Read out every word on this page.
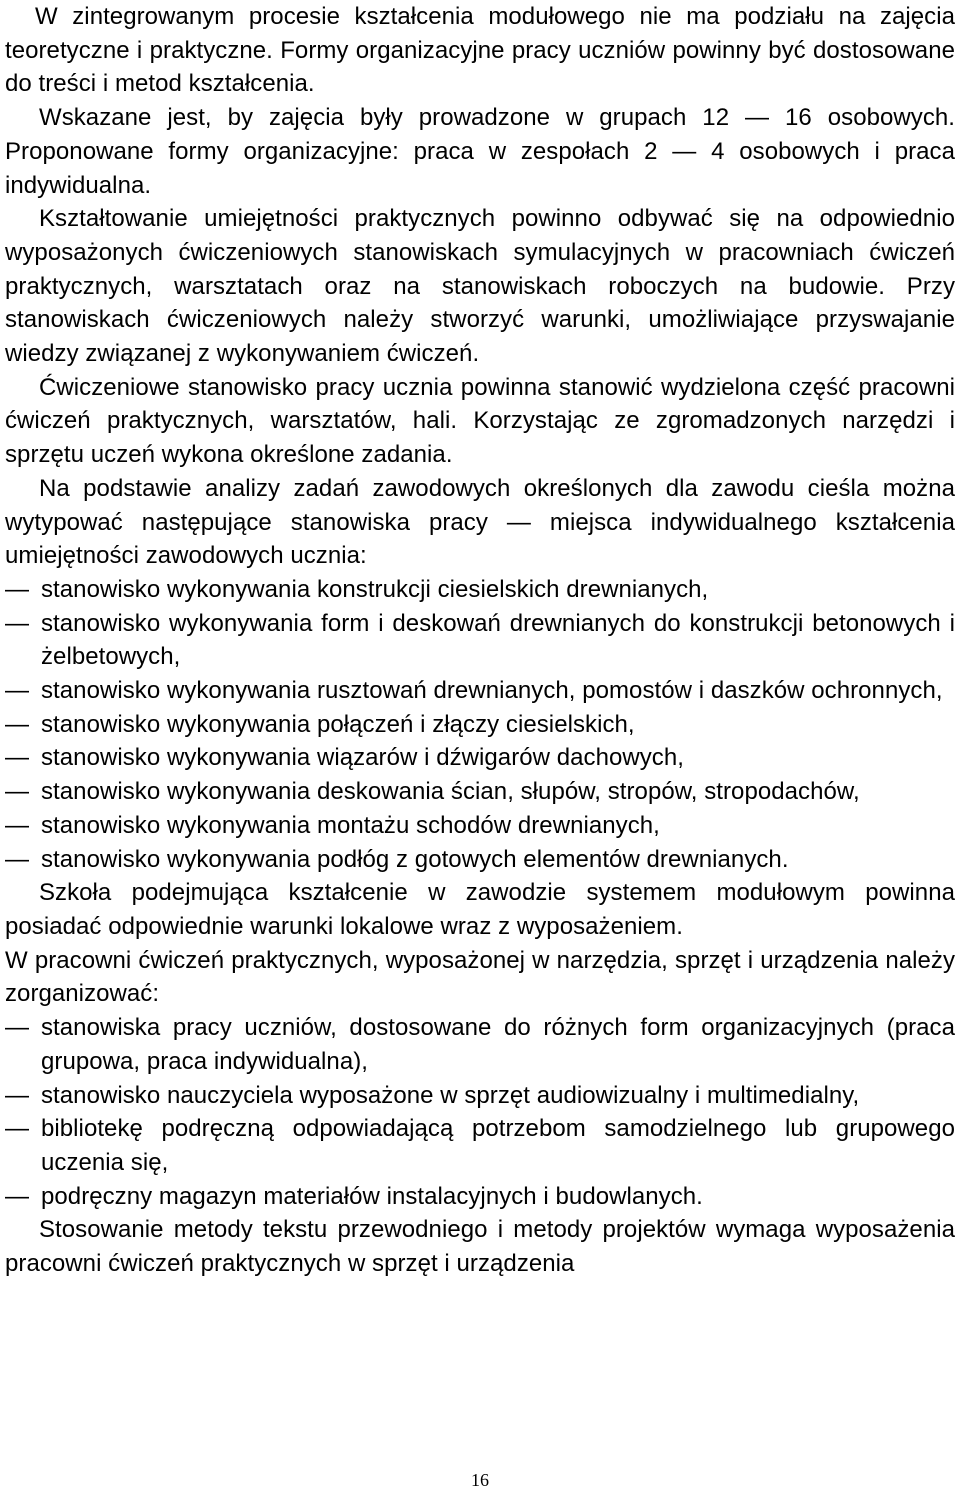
W zintegrowanym procesie kształcenia modułowego nie ma podziału na zajęcia teoretyczne i praktyczne. Formy organizacyjne pracy uczniów powinny być dostosowane do treści i metod kształcenia.

Wskazane jest, by zajęcia były prowadzone w grupach 12 — 16 osobowych. Proponowane formy organizacyjne: praca w zespołach 2 — 4 osobowych i praca indywidualna.

Kształtowanie umiejętności praktycznych powinno odbywać się na odpowiednio wyposażonych ćwiczeniowych stanowiskach symulacyjnych w pracowniach ćwiczeń praktycznych, warsztatach oraz na stanowiskach roboczych na budowie. Przy stanowiskach ćwiczeniowych należy stworzyć warunki, umożliwiające przyswajanie wiedzy związanej z wykonywaniem ćwiczeń.

Ćwiczeniowe stanowisko pracy ucznia powinna stanowić wydzielona część pracowni ćwiczeń praktycznych, warsztatów, hali. Korzystając ze zgromadzonych narzędzi i sprzętu uczeń wykona określone zadania.

Na podstawie analizy zadań zawodowych określonych dla zawodu cieśla można wytypować następujące stanowiska pracy — miejsca indywidualnego kształcenia umiejętności zawodowych ucznia:

— stanowisko wykonywania konstrukcji ciesielskich drewnianych,
— stanowisko wykonywania form i deskowań drewnianych do konstrukcji betonowych i żelbetowych,
— stanowisko wykonywania rusztowań drewnianych, pomostów i daszków ochronnych,
— stanowisko wykonywania połączeń i złączy ciesielskich,
— stanowisko wykonywania wiązarów i dźwigarów dachowych,
— stanowisko wykonywania deskowania ścian, słupów, stropów, stropodachów,
— stanowisko wykonywania montażu schodów drewnianych,
— stanowisko wykonywania podłóg z gotowych elementów drewnianych.

Szkoła podejmująca kształcenie w zawodzie systemem modułowym powinna posiadać odpowiednie warunki lokalowe wraz z wyposażeniem.

W pracowni ćwiczeń praktycznych, wyposażonej w narzędzia, sprzęt i urządzenia należy zorganizować:

— stanowiska pracy uczniów, dostosowane do różnych form organizacyjnych (praca grupowa, praca indywidualna),
— stanowisko nauczyciela wyposażone w sprzęt audiowizualny i multimedialny,
— bibliotekę podręczną odpowiadającą potrzebom samodzielnego lub grupowego uczenia się,
— podręczny magazyn materiałów instalacyjnych i budowlanych.

Stosowanie metody tekstu przewodniego i metody projektów wymaga wyposażenia pracowni ćwiczeń praktycznych w sprzęt i urządzenia

16
